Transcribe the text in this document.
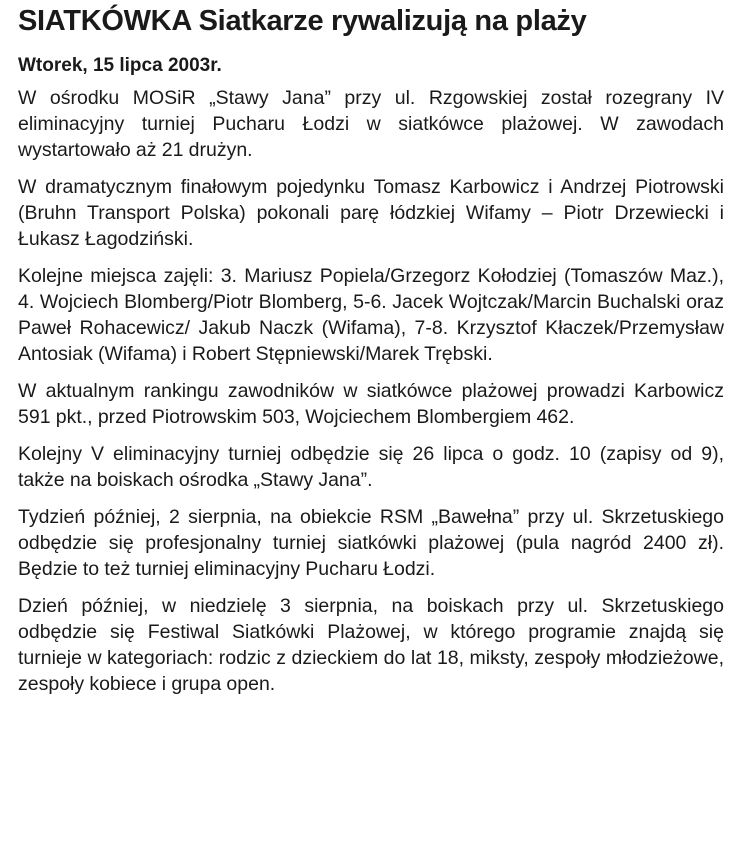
SIATKÓWKA Siatkarze rywalizują na plaży
Wtorek, 15 lipca 2003r.

W ośrodku MOSiR „Stawy Jana” przy ul. Rzgowskiej został rozegrany IV eliminacyjny turniej Pucharu Łodzi w siatkówce plażowej. W zawodach wystartowało aż 21 drużyn.

W dramatycznym finałowym pojedynku Tomasz Karbowicz i Andrzej Piotrowski (Bruhn Transport Polska) pokonali parę łódzkiej Wifamy – Piotr Drzewiecki i Łukasz Łagodziński.

Kolejne miejsca zajęli: 3. Mariusz Popiela/Grzegorz Kołodziej (Tomaszów Maz.), 4. Wojciech Blomberg/Piotr Blomberg, 5-6. Jacek Wojtczak/Marcin Buchalski oraz Paweł Rohacewicz/ Jakub Naczk (Wifama), 7-8. Krzysztof Kłaczek/Przemysław Antosiak (Wifama) i Robert Stępniewski/Marek Trębski.

W aktualnym rankingu zawodników w siatkówce plażowej prowadzi Karbowicz 591 pkt., przed Piotrowskim 503, Wojciechem Blombergiem 462.

Kolejny V eliminacyjny turniej odbędzie się 26 lipca o godz. 10 (zapisy od 9), także na boiskach ośrodka „Stawy Jana”.

Tydzień później, 2 sierpnia, na obiekcie RSM „Bawełna” przy ul. Skrzetuskiego odbędzie się profesjonalny turniej siatkówki plażowej (pula nagród 2400 zł). Będzie to też turniej eliminacyjny Pucharu Łodzi.

Dzień później, w niedzielę 3 sierpnia, na boiskach przy ul. Skrzetuskiego odbędzie się Festiwal Siatkówki Plażowej, w którego programie znajdą się turnieje w kategoriach: rodzic z dzieckiem do lat 18, miksty, zespoły młodzieżowe, zespoły kobiece i grupa open.
